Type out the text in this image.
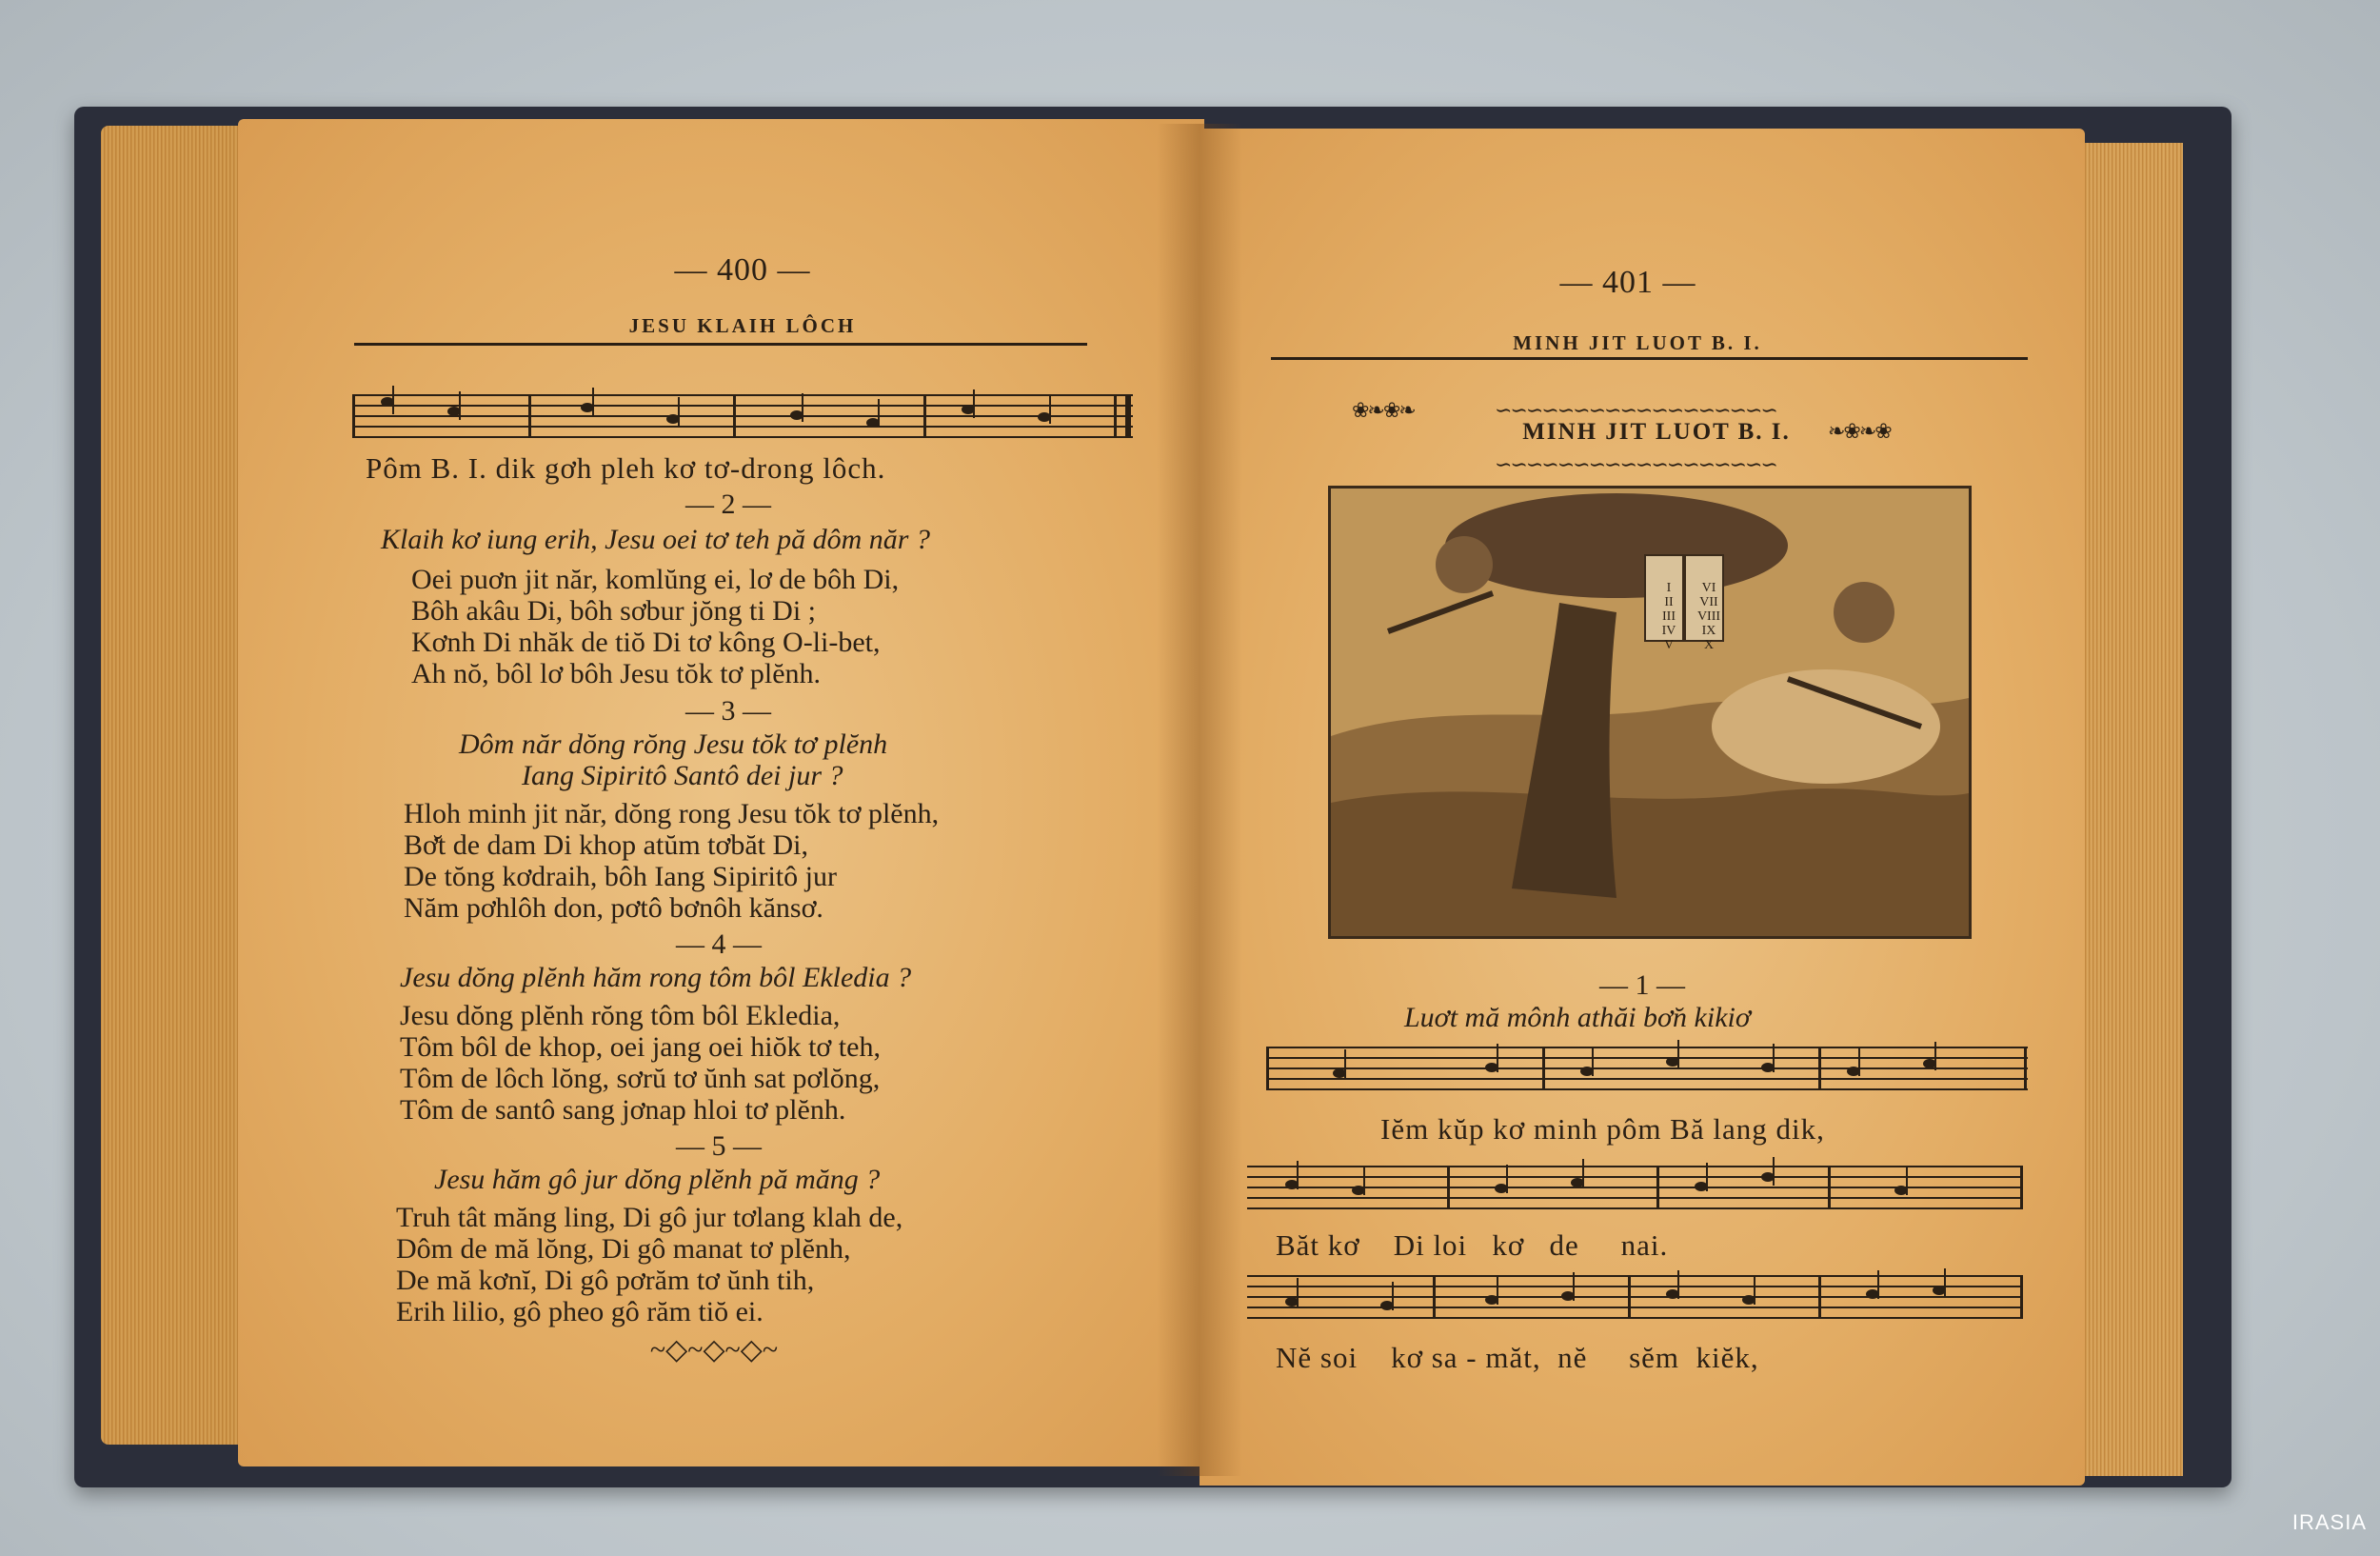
— 400 —
JESU KLAIH LÔCH
Pôm B. I. dik gơh pleh kơ tơ-drong lôch.
— 2 —
Klaih kơ iung erih, Jesu oei tơ teh pă dôm năr ?
Oei puơn jit năr, komlŭng ei, lơ de bôh Di,
Bôh akâu Di, bôh sơbur jŏng ti Di ;
Kơnh Di nhăk de tiŏ Di tơ kông O-li-bet,
Ah nŏ, bôl lơ bôh Jesu tŏk tơ plĕnh.
— 3 —
Dôm năr dŏng rŏng Jesu tŏk tơ plĕnh
Iang Sipiritô Santô dei jur ?
Hloh minh jit năr, dŏng rong Jesu tŏk tơ plĕnh,
Bơ̆t de dam Di khop atŭm tơbăt Di,
De tŏng kơdraih, bôh Iang Sipiritô jur
Năm pơhlôh don, pơtô bơnôh kănsơ.
— 4 —
Jesu dŏng plĕnh hăm rong tôm bôl Ekledia ?
Jesu dŏng plĕnh rŏng tôm bôl Ekledia,
Tôm bôl de khop, oei jang oei hiŏk tơ teh,
Tôm de lôch lŏng, sơrŭ tơ ŭnh sat pơlŏng,
Tôm de santô sang jơnap hloi tơ plĕnh.
— 5 —
Jesu hăm gô jur dŏng plĕnh pă măng ?
Truh tât măng ling, Di gô jur tơlang klah de,
Dôm de mă lŏng, Di gô manat tơ plĕnh,
De mă kơnĭ, Di gô pơrăm tơ ŭnh tih,
Erih lilio, gô pheo gô răm tiŏ ei.
~◇~◇~◇~
— 401 —
MINH JIT LUOT B. I.
❀❧❀❧	∽∽∽∽∽∽∽∽∽∽∽∽∽∽∽∽∽∽
MINH JIT LUOT B. I.
∽∽∽∽∽∽∽∽∽∽∽∽∽∽∽∽∽∽
❧❀❧❀
I
II
III
IV
V
VI
VII
VIII
IX
X
— 1 —
Luơt mă mônh athăi bơ̆n kikiơ
Iĕm kŭp kơ minh pôm Bă lang dik,
Băt kơ    Di loi   kơ   de     nai.
Nĕ soi    kơ sa - măt,  nĕ     sĕm  kiĕk,
IRASIA
